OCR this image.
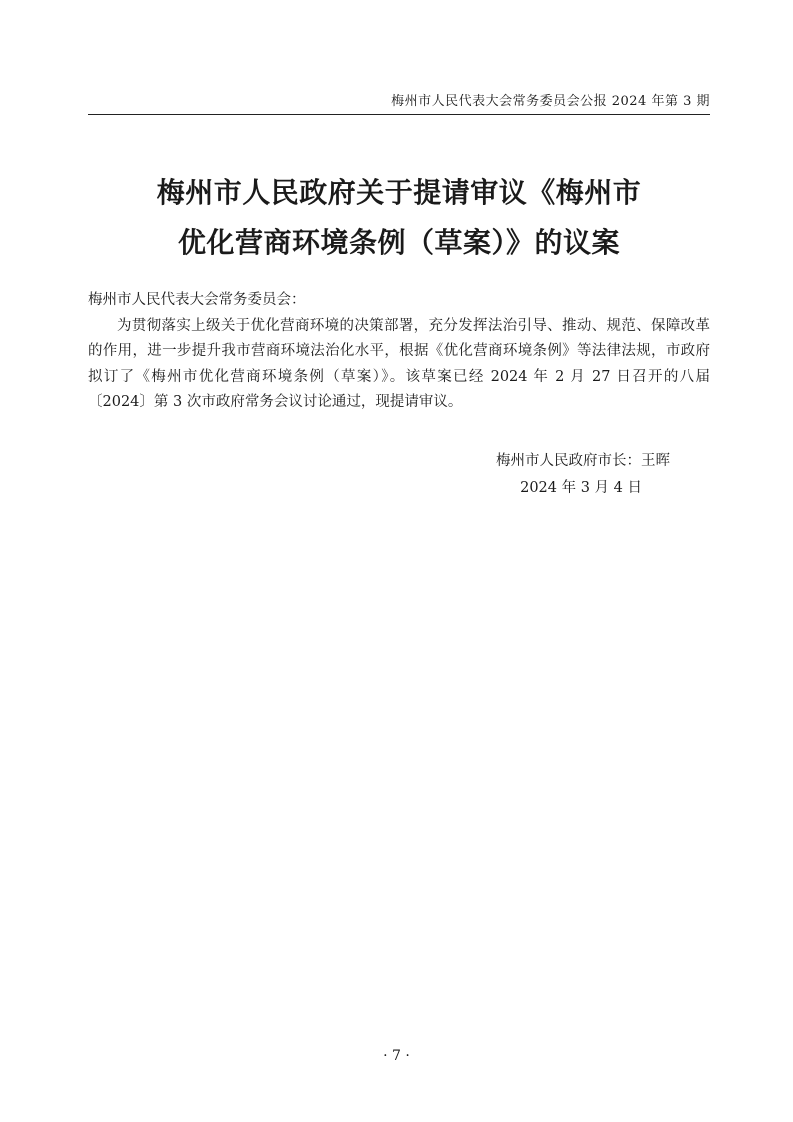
梅州市人民代表大会常务委员会公报 2024 年第 3 期
梅州市人民政府关于提请审议《梅州市
优化营商环境条例（草案）》的议案

梅州市人民代表大会常务委员会：

为贯彻落实上级关于优化营商环境的决策部署，充分发挥法治引导、推动、规范、保障改革的作用，进一步提升我市营商环境法治化水平，根据《优化营商环境条例》等法律法规，市政府拟订了《梅州市优化营商环境条例（草案）》。该草案已经 2024 年 2 月 27 日召开的八届〔2024〕第 3 次市政府常务会议讨论通过，现提请审议。

梅州市人民政府市长：王晖
2024 年 3 月 4 日
· 7 ·
